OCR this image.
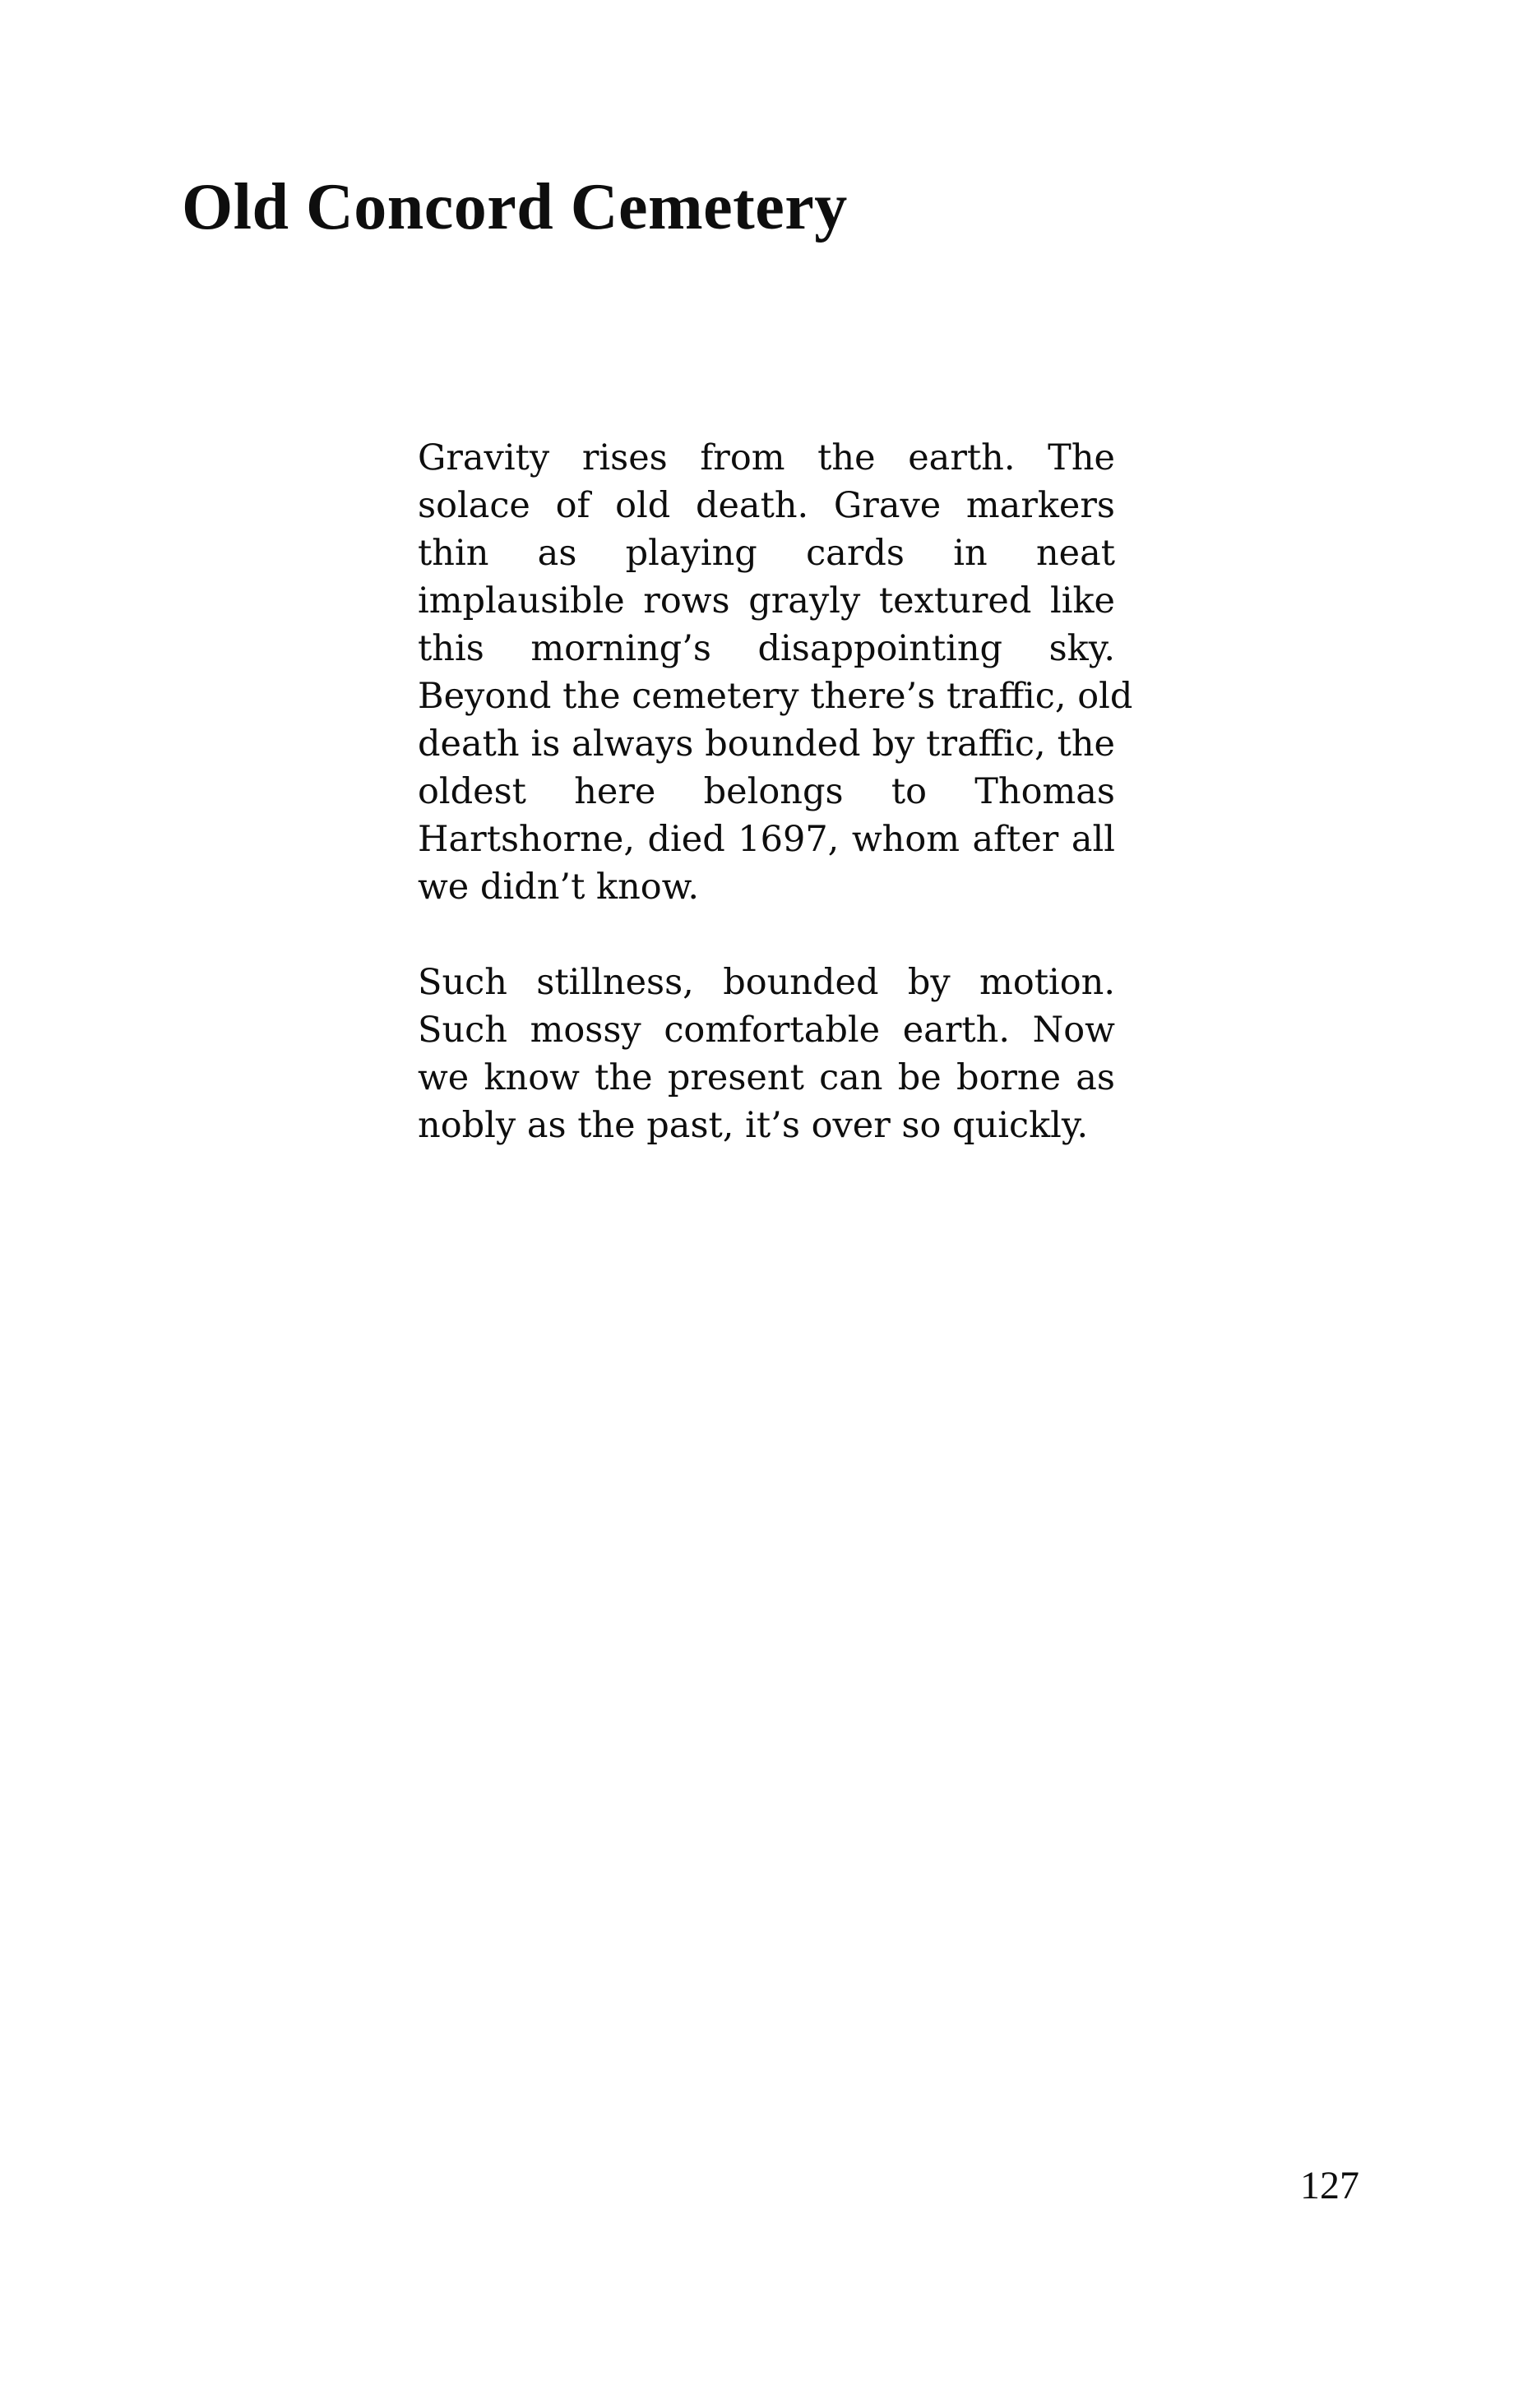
Old Concord Cemetery

Gravity rises from the earth. The
solace of old death. Grave markers
thin as playing cards in neat
implausible rows grayly textured like
this morning’s disappointing sky.
Beyond the cemetery there’s traffic, old
death is always bounded by traffic, the
oldest here belongs to Thomas
Hartshorne, died 1697, whom after all
we didn’t know.

Such stillness, bounded by motion.
Such mossy comfortable earth. Now
we know the present can be borne as
nobly as the past, it’s over so quickly.

127
